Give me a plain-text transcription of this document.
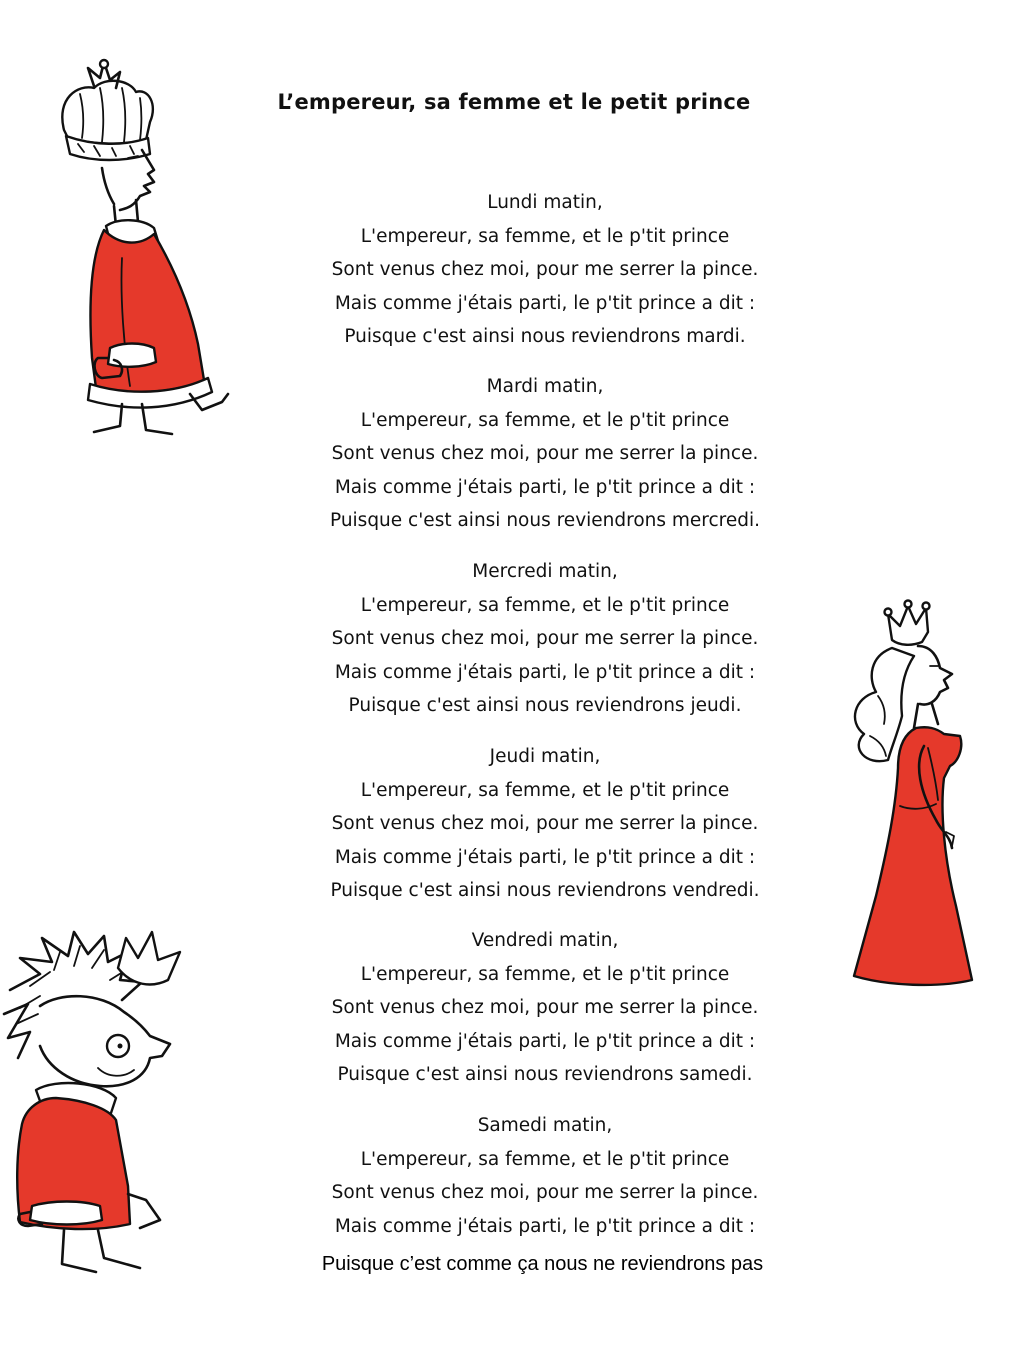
L’empereur, sa femme et le petit prince
Lundi matin,
L'empereur, sa femme, et le p'tit prince
Sont venus chez moi, pour me serrer la pince.
Mais comme j'étais parti, le p'tit prince a dit :
Puisque c'est ainsi nous reviendrons mardi.
Mardi matin,
L'empereur, sa femme, et le p'tit prince
Sont venus chez moi, pour me serrer la pince.
Mais comme j'étais parti, le p'tit prince a dit :
Puisque c'est ainsi nous reviendrons mercredi.
Mercredi matin,
L'empereur, sa femme, et le p'tit prince
Sont venus chez moi, pour me serrer la pince.
Mais comme j'étais parti, le p'tit prince a dit :
Puisque c'est ainsi nous reviendrons jeudi.
Jeudi matin,
L'empereur, sa femme, et le p'tit prince
Sont venus chez moi, pour me serrer la pince.
Mais comme j'étais parti, le p'tit prince a dit :
Puisque c'est ainsi nous reviendrons vendredi.
Vendredi matin,
L'empereur, sa femme, et le p'tit prince
Sont venus chez moi, pour me serrer la pince.
Mais comme j'étais parti, le p'tit prince a dit :
Puisque c'est ainsi nous reviendrons samedi.
Samedi matin,
L'empereur, sa femme, et le p'tit prince
Sont venus chez moi, pour me serrer la pince.
Mais comme j'étais parti, le p'tit prince a dit :
Puisque c’est comme ça nous ne reviendrons pas
